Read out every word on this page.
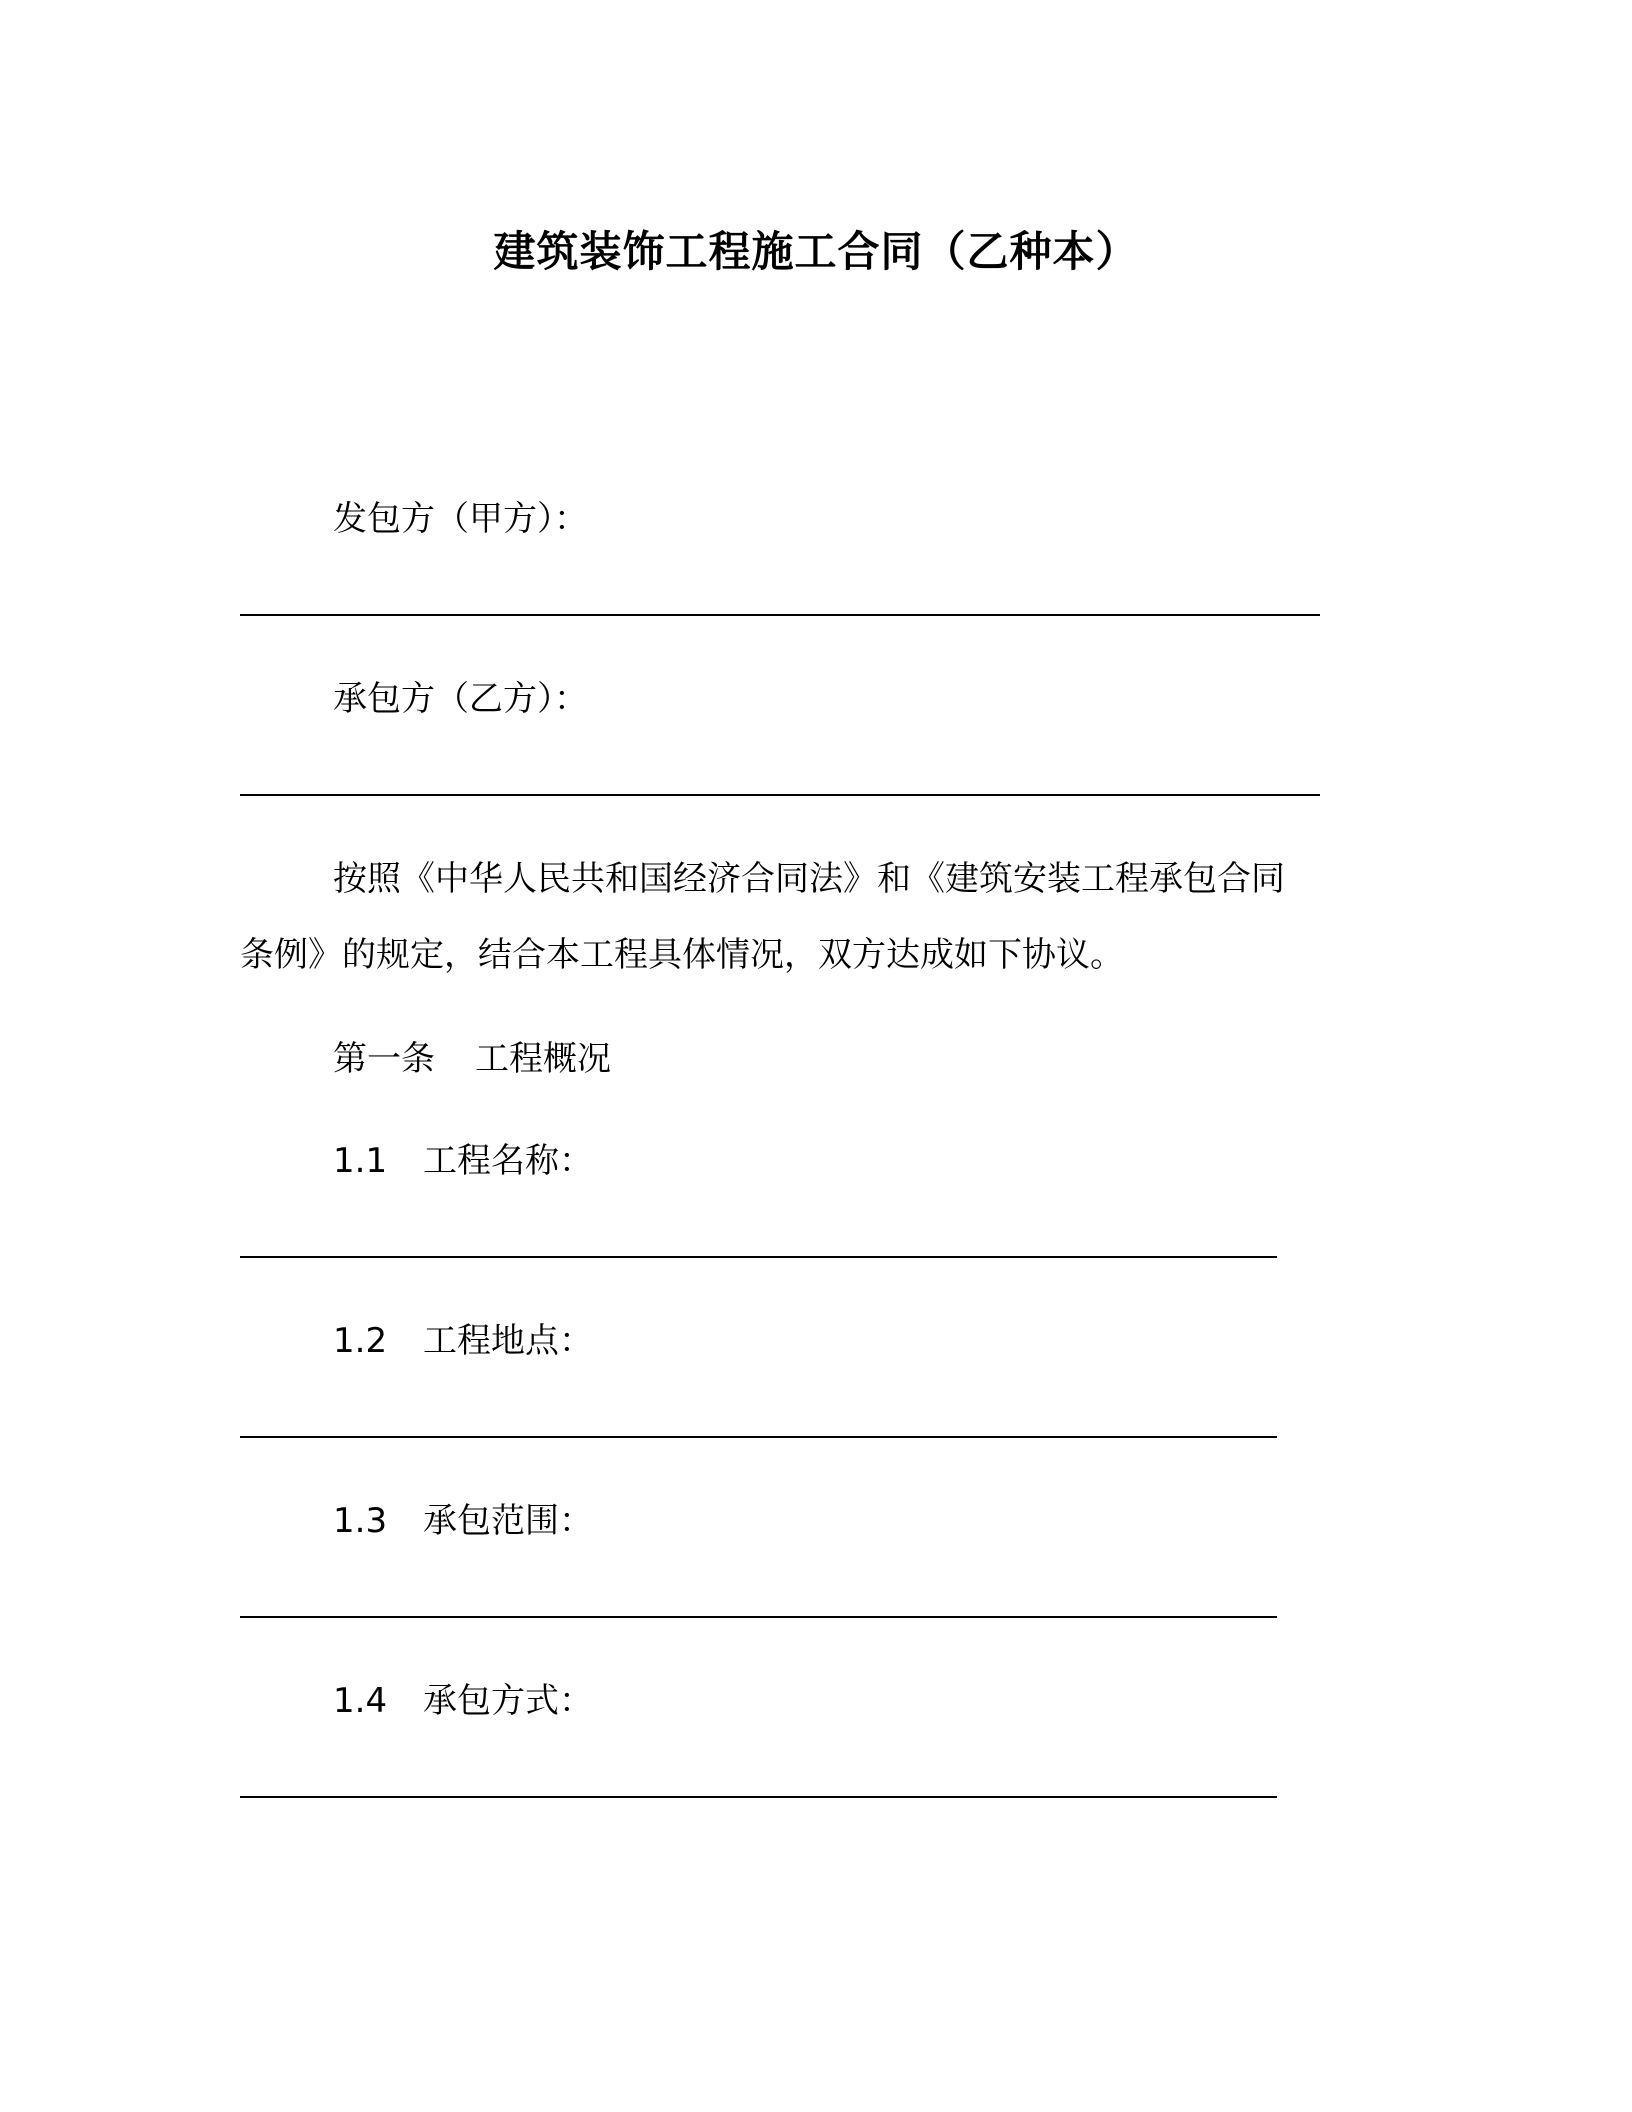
建筑装饰工程施工合同（乙种本）
发包方（甲方）：
承包方（乙方）：
按照《中华人民共和国经济合同法》和《建筑安装工程承包合同
条例》的规定，结合本工程具体情况，双方达成如下协议。
第一条 工程概况
1.1 工程名称：
1.2 工程地点：
1.3 承包范围：
1.4 承包方式：
